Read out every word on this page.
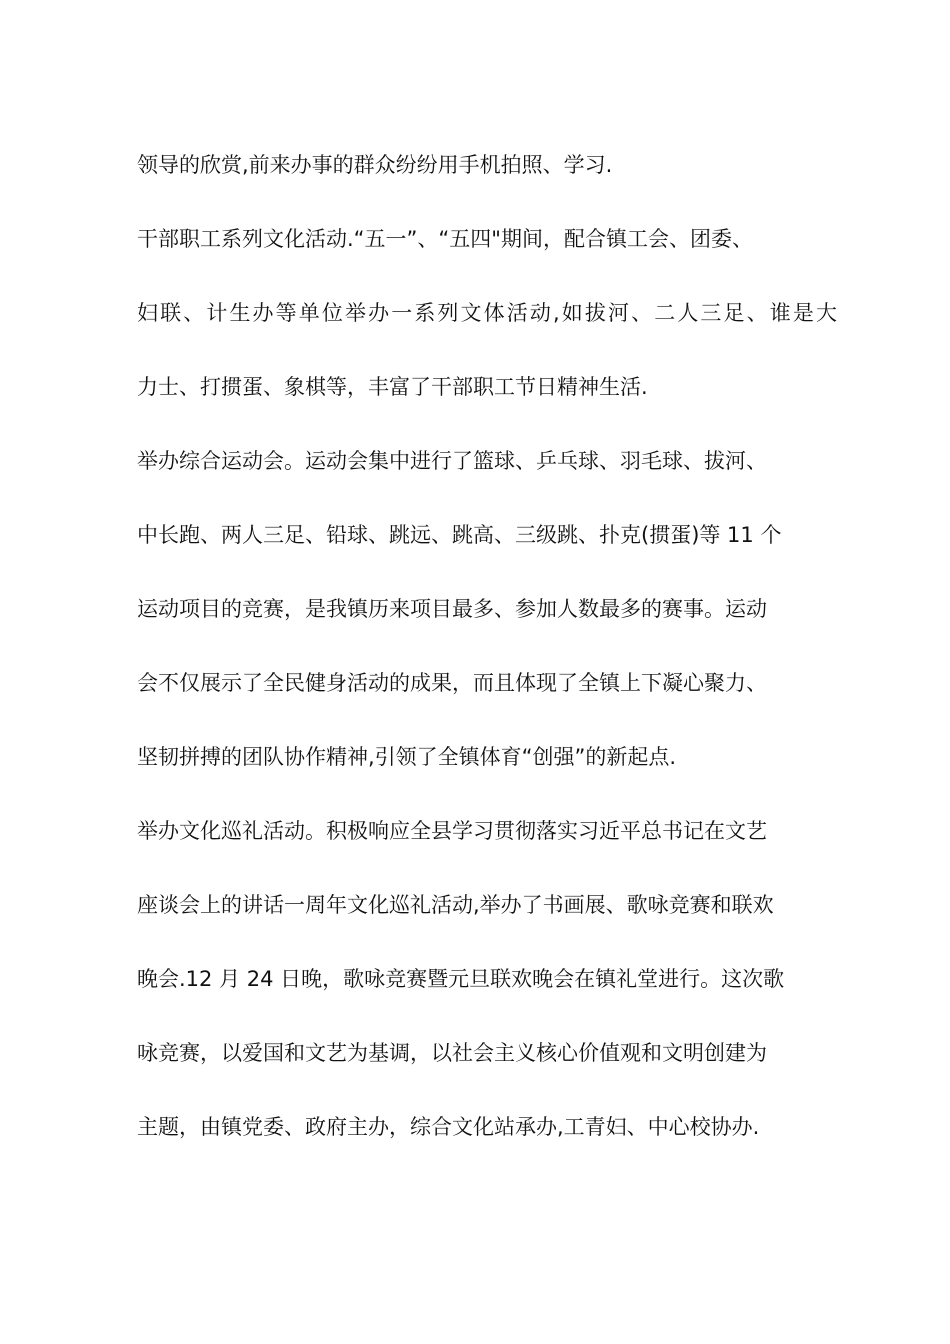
领导的欣赏,前来办事的群众纷纷用手机拍照、学习.
干部职工系列文化活动.“五一”、“五四"期间，配合镇工会、团委、
妇联、计生办等单位举办一系列文体活动,如拔河、二人三足、谁是大
力士、打掼蛋、象棋等，丰富了干部职工节日精神生活.
举办综合运动会。运动会集中进行了篮球、乒乓球、羽毛球、拔河、
中长跑、两人三足、铅球、跳远、跳高、三级跳、扑克(掼蛋)等 11 个
运动项目的竞赛，是我镇历来项目最多、参加人数最多的赛事。运动
会不仅展示了全民健身活动的成果，而且体现了全镇上下凝心聚力、
坚韧拼搏的团队协作精神,引领了全镇体育“创强”的新起点.
举办文化巡礼活动。积极响应全县学习贯彻落实习近平总书记在文艺
座谈会上的讲话一周年文化巡礼活动,举办了书画展、歌咏竞赛和联欢
晚会.12 月 24 日晚，歌咏竞赛暨元旦联欢晚会在镇礼堂进行。这次歌
咏竞赛，以爱国和文艺为基调，以社会主义核心价值观和文明创建为
主题，由镇党委、政府主办，综合文化站承办,工青妇、中心校协办.
